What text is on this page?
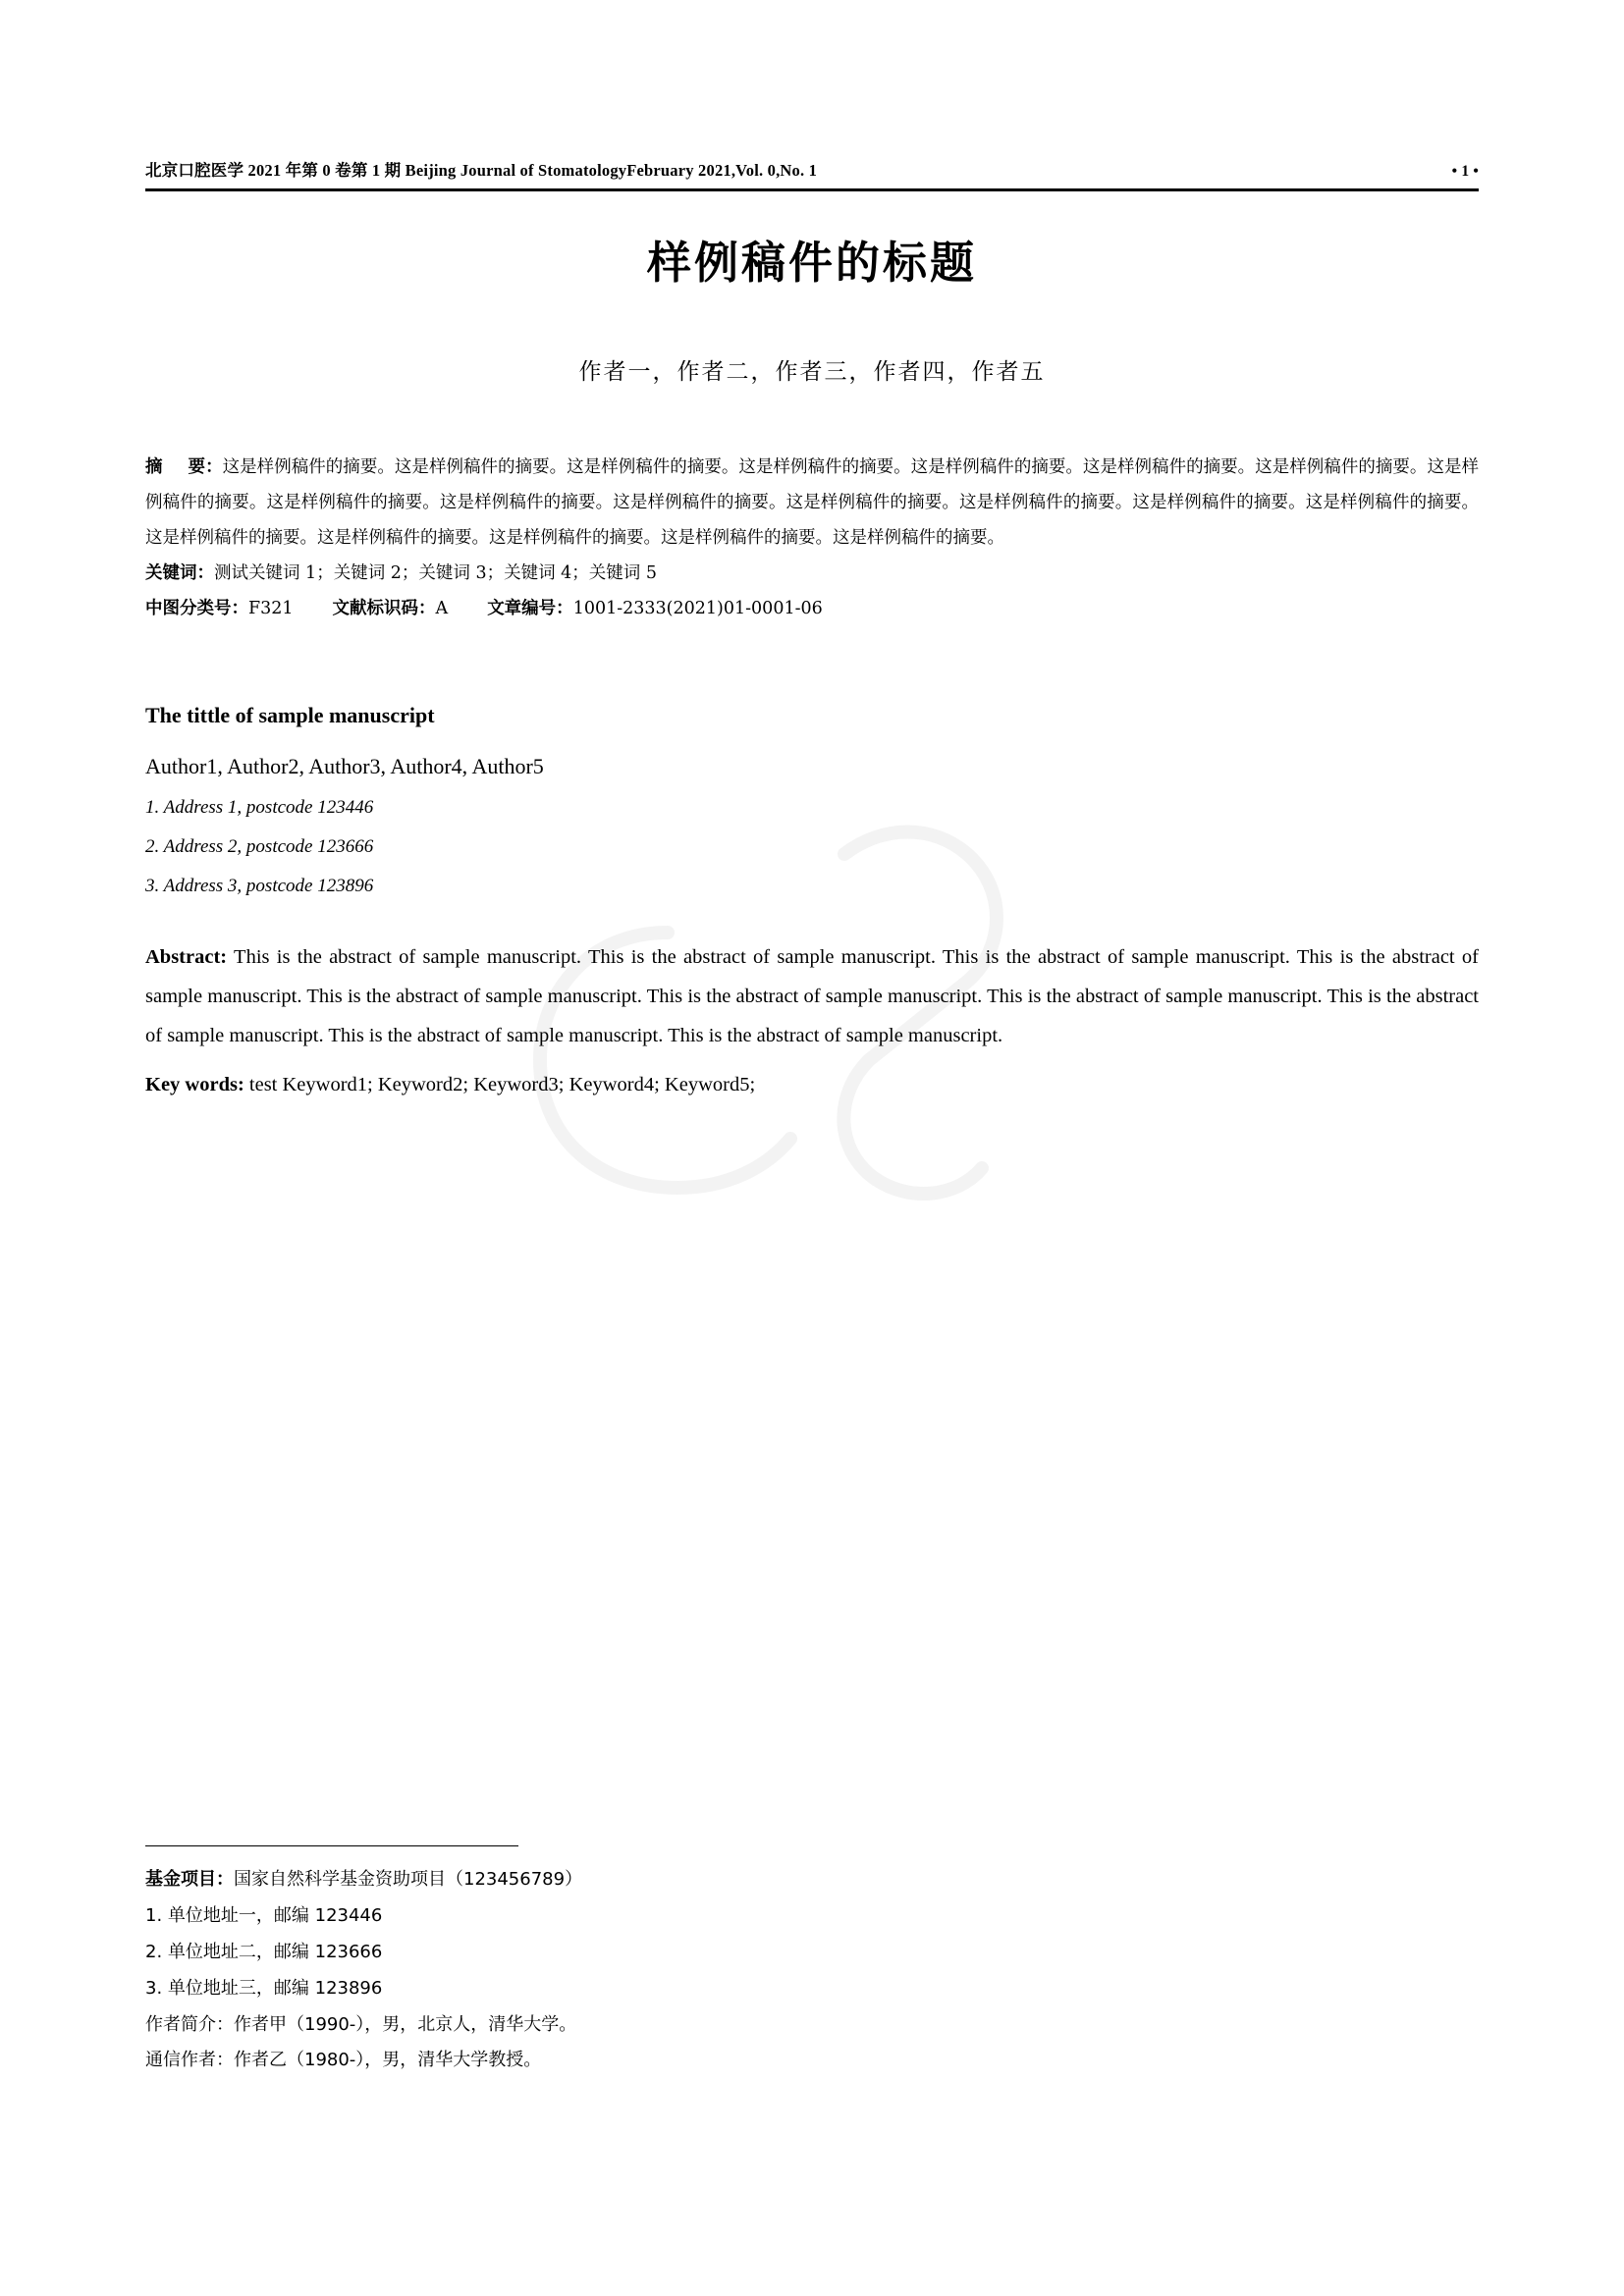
北京口腔医学 2021 年第 0 卷第 1 期 Beijing Journal of StomatologyFebruary 2021,Vol. 0,No. 1	• 1 •
样例稿件的标题
作者一，作者二，作者三，作者四，作者五
摘 要：这是样例稿件的摘要。这是样例稿件的摘要。这是样例稿件的摘要。这是样例稿件的摘要。这是样例稿件的摘要。这是样例稿件的摘要。这是样例稿件的摘要。这是样例稿件的摘要。这是样例稿件的摘要。这是样例稿件的摘要。这是样例稿件的摘要。这是样例稿件的摘要。这是样例稿件的摘要。这是样例稿件的摘要。这是样例稿件的摘要。这是样例稿件的摘要。这是样例稿件的摘要。这是样例稿件的摘要。这是样例稿件的摘要。这是样例稿件的摘要。
关键词：测试关键词 1；关键词 2；关键词 3；关键词 4；关键词 5
中图分类号：F321 文献标识码：A 文章编号：1001-2333(2021)01-0001-06
The tittle of sample manuscript
Author1, Author2, Author3, Author4, Author5
1. Address 1, postcode 123446
2. Address 2, postcode 123666
3. Address 3, postcode 123896
Abstract: This is the abstract of sample manuscript. This is the abstract of sample manuscript. This is the abstract of sample manuscript. This is the abstract of sample manuscript. This is the abstract of sample manuscript. This is the abstract of sample manuscript. This is the abstract of sample manuscript. This is the abstract of sample manuscript. This is the abstract of sample manuscript. This is the abstract of sample manuscript.
Key words: test Keyword1; Keyword2; Keyword3; Keyword4; Keyword5;
基金项目：国家自然科学基金资助项目（123456789）
1. 单位地址一，邮编 123446
2. 单位地址二，邮编 123666
3. 单位地址三，邮编 123896
作者简介：作者甲（1990-），男，北京人，清华大学。
通信作者：作者乙（1980-），男，清华大学教授。
